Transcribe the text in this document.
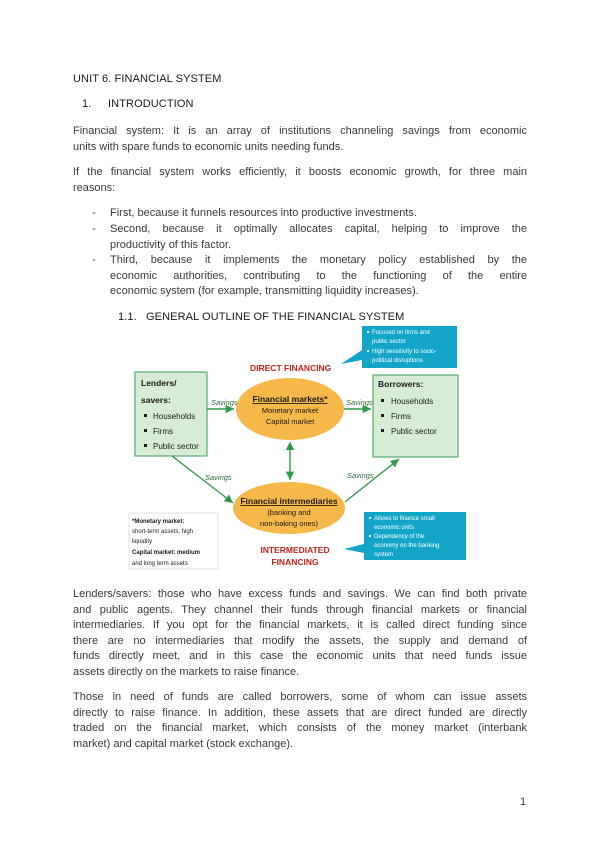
UNIT 6. FINANCIAL SYSTEM
1. INTRODUCTION
Financial system: It is an array of institutions channeling savings from economic
units with spare funds to economic units needing funds.
If the financial system works efficiently, it boosts economic growth, for three main
reasons:
- First, because it funnels resources into productive investments.
- Second, because it optimally allocates capital, helping to improve the
productivity of this factor.
- Third, because it implements the monetary policy established by the
economic authorities, contributing to the functioning of the entire
economic system (for example, transmitting liquidity increases).
1.1. GENERAL OUTLINE OF THE FINANCIAL SYSTEM
Lenders/
savers:
Households
Firms
Public sector
Borrowers:
Households
Firms
Public sector
DIRECT FINANCING
Financial markets*
Monetary market
Capital market
Financial intermediaries
(banking and
non-baking ones)
INTERMEDIATED
FINANCING
Savings	Savings
Savings	Savings
*Monetary market:
short-term assets, high
liquidity
Capital market: medium
and long term assets
Focused on firms and
public sector
High sensitivity to socio-
political disruptions
Allows to finance small
economic units
Dependency of the
economy on the banking
system
Lenders/savers: those who have excess funds and savings. We can find both private
and public agents. They channel their funds through financial markets or financial
intermediaries. If you opt for the financial markets, it is called direct funding since
there are no intermediaries that modify the assets, the supply and demand of
funds directly meet, and in this case the economic units that need funds issue
assets directly on the markets to raise finance.
Those in need of funds are called borrowers, some of whom can issue assets
directly to raise finance. In addition, these assets that are direct funded are directly
traded on the financial market, which consists of the money market (interbank
market) and capital market (stock exchange).
1
